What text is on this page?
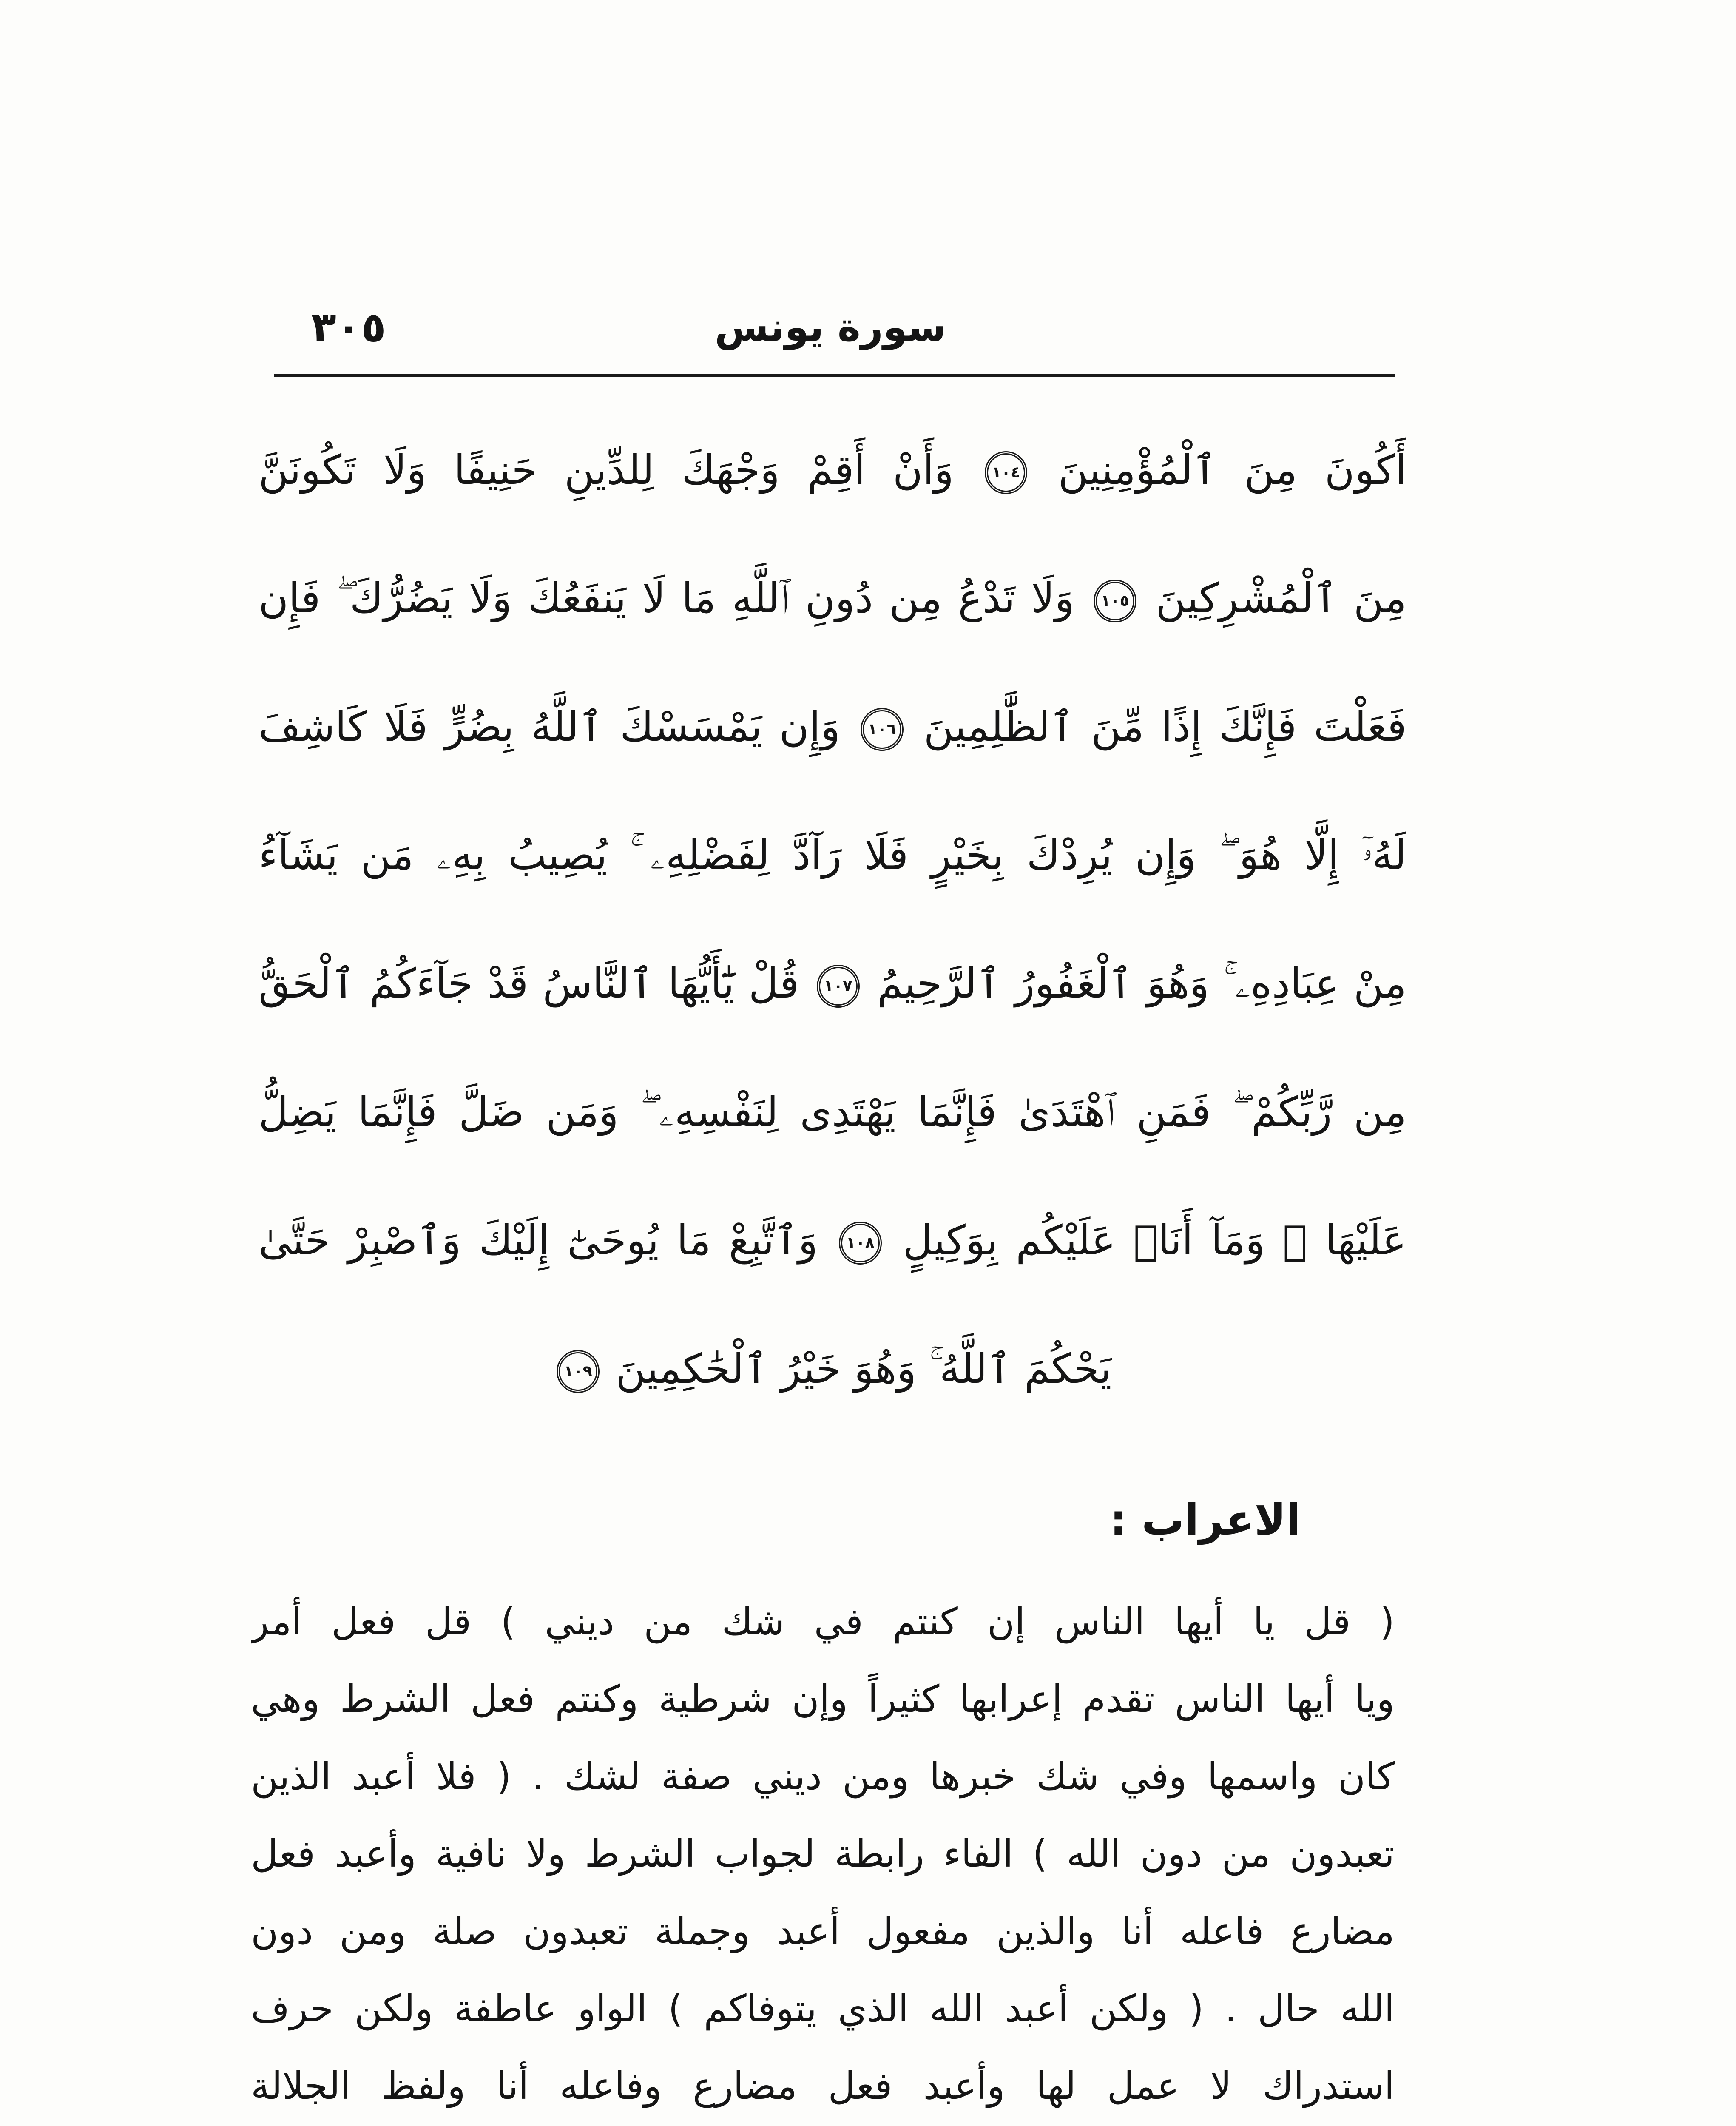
٣٠٥	سورة يونس
أَكُونَ مِنَ ٱلْمُؤْمِنِينَ
١٠٤
وَأَنْ أَقِمْ وَجْهَكَ لِلدِّينِ حَنِيفًا وَلَا تَكُونَنَّ
مِنَ ٱلْمُشْرِكِينَ
١٠٥
وَلَا تَدْعُ مِن دُونِ ٱللَّهِ مَا لَا يَنفَعُكَ وَلَا يَضُرُّكَ ۖ فَإِن
فَعَلْتَ فَإِنَّكَ إِذًا مِّنَ ٱلظَّٰلِمِينَ
١٠٦
وَإِن يَمْسَسْكَ ٱللَّهُ بِضُرٍّ فَلَا كَاشِفَ
لَهُۥٓ إِلَّا هُوَ ۖ وَإِن يُرِدْكَ بِخَيْرٍ فَلَا رَآدَّ لِفَضْلِهِۦ ۚ يُصِيبُ بِهِۦ مَن يَشَآءُ
مِنْ عِبَادِهِۦ ۚ وَهُوَ ٱلْغَفُورُ ٱلرَّحِيمُ
١٠٧
قُلْ يَٰٓأَيُّهَا ٱلنَّاسُ قَدْ جَآءَكُمُ ٱلْحَقُّ
مِن رَّبِّكُمْ ۖ فَمَنِ ٱهْتَدَىٰ فَإِنَّمَا يَهْتَدِى لِنَفْسِهِۦ ۖ وَمَن ضَلَّ فَإِنَّمَا يَضِلُّ
عَلَيْهَا ۖ وَمَآ أَنَا۠ عَلَيْكُم بِوَكِيلٍ
١٠٨
وَٱتَّبِعْ مَا يُوحَىٰٓ إِلَيْكَ وَٱصْبِرْ حَتَّىٰ
يَحْكُمَ ٱللَّهُ ۚ وَهُوَ خَيْرُ ٱلْحَٰكِمِينَ
١٠٩
الاعراب :
( قل يا أيها الناس إن كنتم في شك من ديني ) قل فعل أمر
ويا أيها الناس تقدم إعرابها كثيراً وإن شرطية وكنتم فعل الشرط وهي
كان واسمها وفي شك خبرها ومن ديني صفة لشك . ( فلا أعبد الذين
تعبدون من دون الله ) الفاء رابطة لجواب الشرط ولا نافية وأعبد فعل
مضارع فاعله أنا والذين مفعول أعبد وجملة تعبدون صلة ومن دون
الله حال . ( ولكن أعبد الله الذي يتوفاكم ) الواو عاطفة ولكن حرف
استدراك لا عمل لها وأعبد فعل مضارع وفاعله أنا ولفظ الجلالة
